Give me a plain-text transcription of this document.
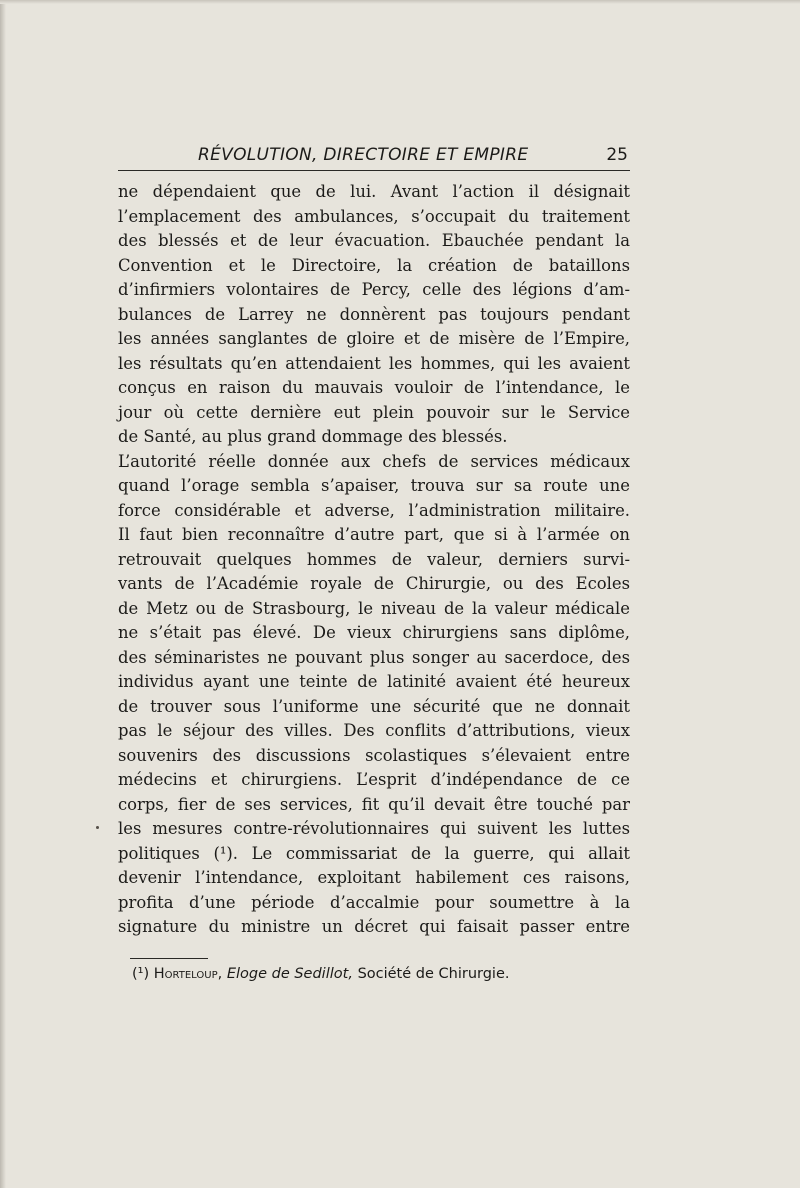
RÉVOLUTION, DIRECTOIRE ET EMPIRE	25
ne dépendaient que de lui. Avant l’action il désignait
l’emplacement des ambulances, s’occupait du traitement
des blessés et de leur évacuation. Ebauchée pendant la
Convention et le Directoire, la création de bataillons
d’infirmiers volontaires de Percy, celle des légions d’am-
bulances de Larrey ne donnèrent pas toujours pendant
les années sanglantes de gloire et de misère de l’Empire,
les résultats qu’en attendaient les hommes, qui les avaient
conçus en raison du mauvais vouloir de l’intendance, le
jour où cette dernière eut plein pouvoir sur le Service
de Santé, au plus grand dommage des blessés.
L’autorité réelle donnée aux chefs de services médicaux
quand l’orage sembla s’apaiser, trouva sur sa route une
force considérable et adverse, l’administration militaire.
Il faut bien reconnaître d’autre part, que si à l’armée on
retrouvait quelques hommes de valeur, derniers survi-
vants de l’Académie royale de Chirurgie, ou des Ecoles
de Metz ou de Strasbourg, le niveau de la valeur médicale
ne s’était pas élevé. De vieux chirurgiens sans diplôme,
des séminaristes ne pouvant plus songer au sacerdoce, des
individus ayant une teinte de latinité avaient été heureux
de trouver sous l’uniforme une sécurité que ne donnait
pas le séjour des villes. Des conflits d’attributions, vieux
souvenirs des discussions scolastiques s’élevaient entre
médecins et chirurgiens. L’esprit d’indépendance de ce
corps, fier de ses services, fit qu’il devait être touché par
les mesures contre-révolutionnaires qui suivent les luttes
politiques (¹). Le commissariat de la guerre, qui allait
devenir l’intendance, exploitant habilement ces raisons,
profita d’une période d’accalmie pour soumettre à la
signature du ministre un décret qui faisait passer entre
(¹) Horteloup, Eloge de Sedillot, Société de Chirurgie.
